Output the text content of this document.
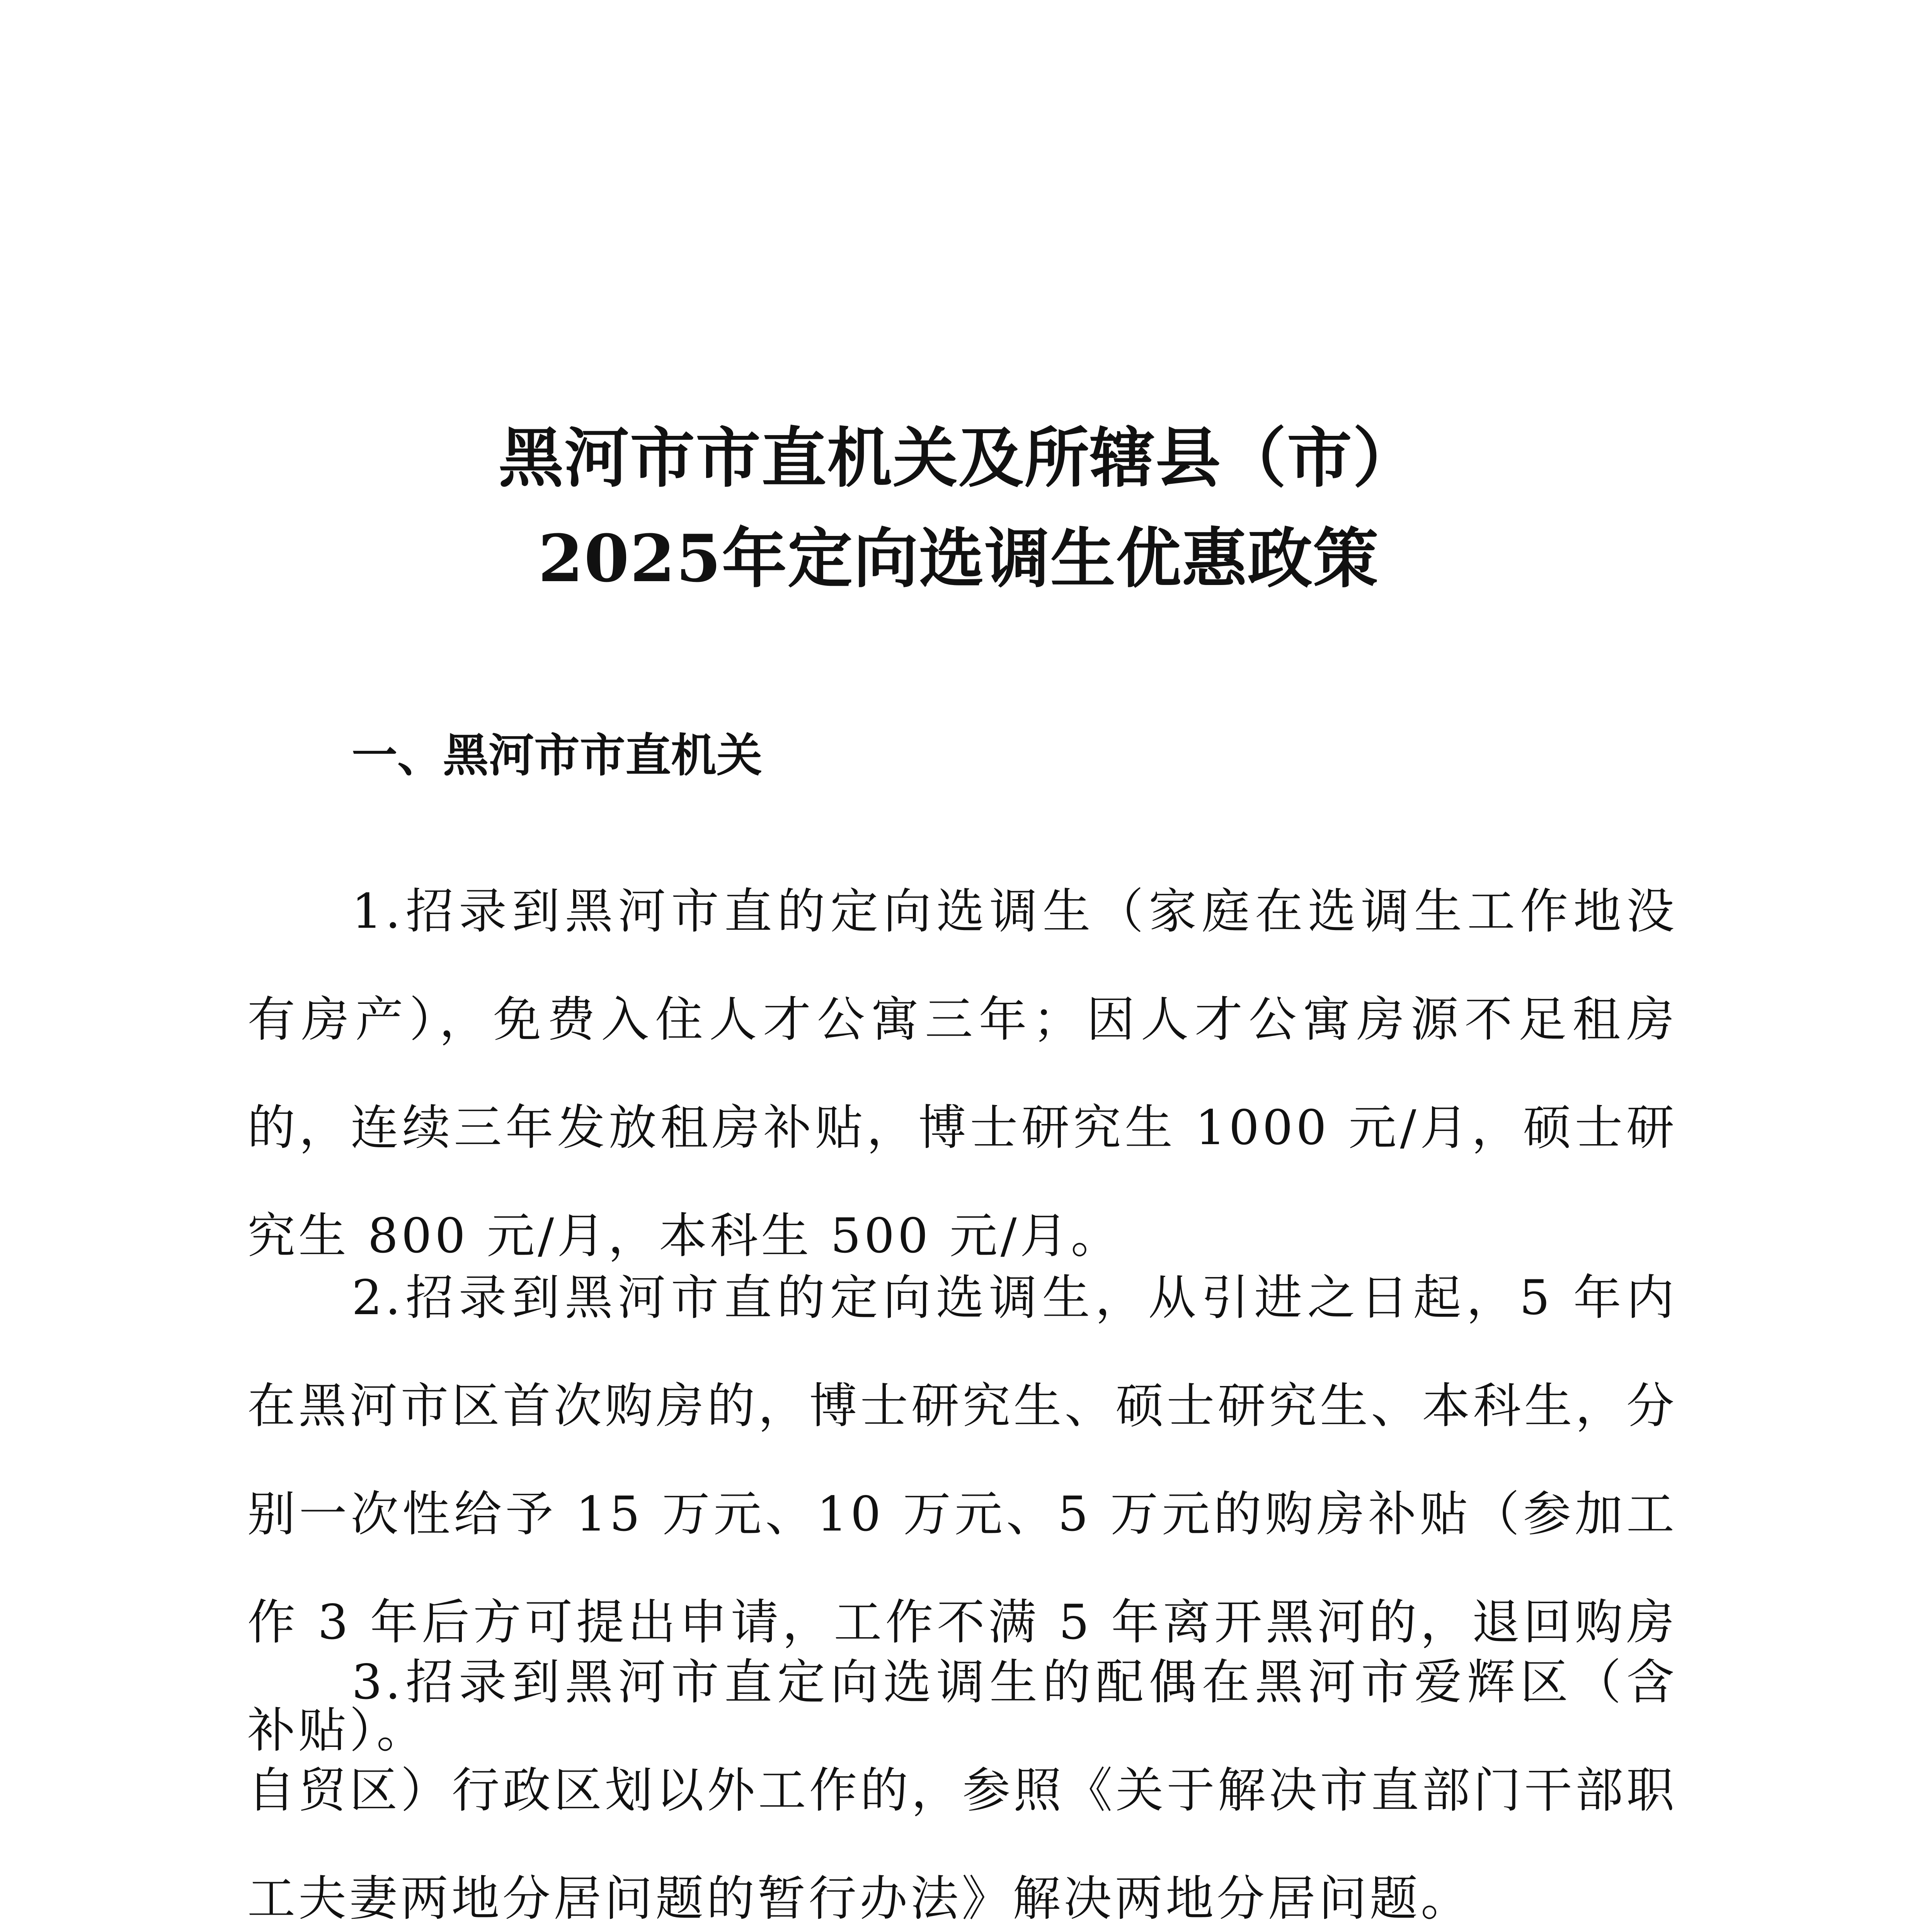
黑河市市直机关及所辖县（市）
2025年定向选调生优惠政策
一、黑河市市直机关

1.招录到黑河市直的定向选调生（家庭在选调生工作地没有房产），免费入住人才公寓三年；因人才公寓房源不足租房的，连续三年发放租房补贴，博士研究生 1000 元/月，硕士研究生 800 元/月，本科生 500 元/月。

2.招录到黑河市直的定向选调生，从引进之日起，5 年内在黑河市区首次购房的，博士研究生、硕士研究生、本科生，分别一次性给予 15 万元、10 万元、5 万元的购房补贴（参加工作 3 年后方可提出申请，工作不满 5 年离开黑河的，退回购房补贴）。

3.招录到黑河市直定向选调生的配偶在黑河市爱辉区（含自贸区）行政区划以外工作的，参照《关于解决市直部门干部职工夫妻两地分居问题的暂行办法》解决两地分居问题。
